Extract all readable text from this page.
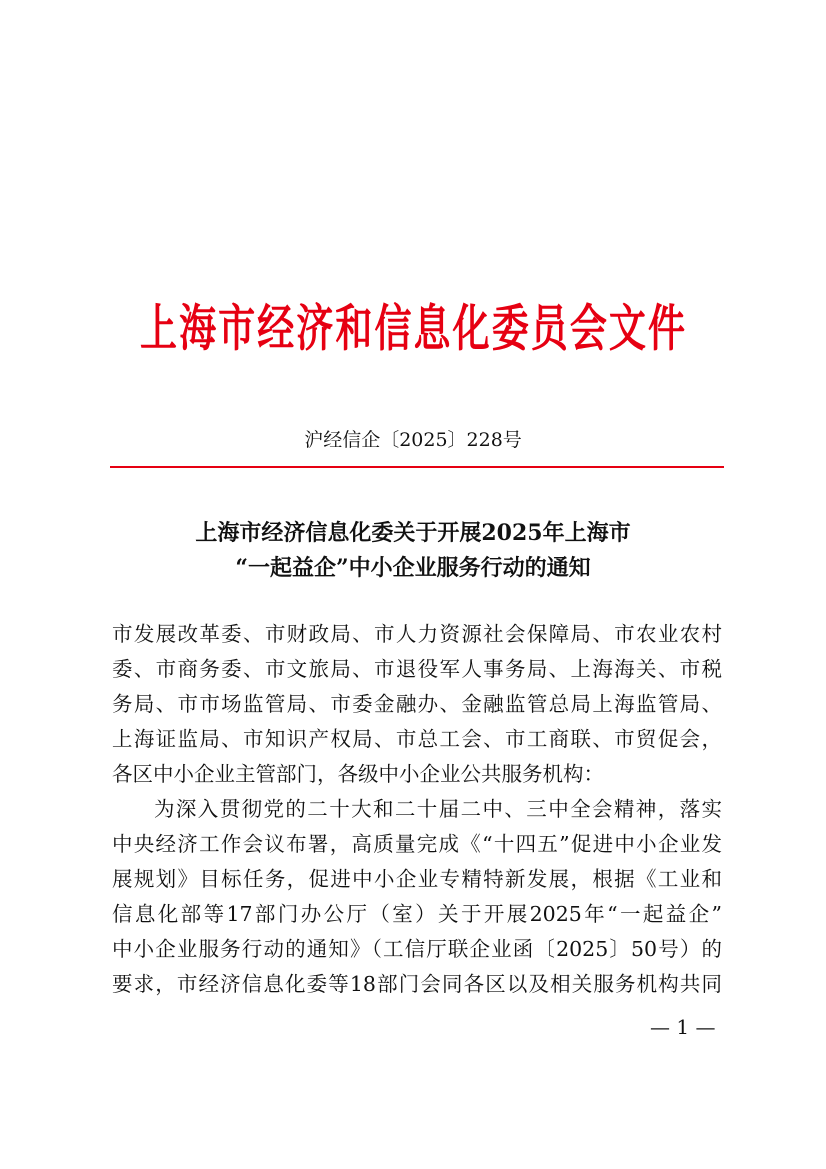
上海市经济和信息化委员会文件
沪经信企〔2025〕228号
上海市经济信息化委关于开展2025年上海市
“一起益企”中小企业服务行动的通知
市发展改革委、市财政局、市人力资源社会保障局、市农业农村
委、市商务委、市文旅局、市退役军人事务局、上海海关、市税
务局、市市场监管局、市委金融办、金融监管总局上海监管局、
上海证监局、市知识产权局、市总工会、市工商联、市贸促会，
各区中小企业主管部门，各级中小企业公共服务机构：
为深入贯彻党的二十大和二十届二中、三中全会精神，落实
中央经济工作会议布署，高质量完成《“十四五”促进中小企业发
展规划》目标任务，促进中小企业专精特新发展，根据《工业和
信息化部等17部门办公厅（室）关于开展2025年“一起益企”
中小企业服务行动的通知》（工信厅联企业函〔2025〕50号）的
要求，市经济信息化委等18部门会同各区以及相关服务机构共同
— 1 —
